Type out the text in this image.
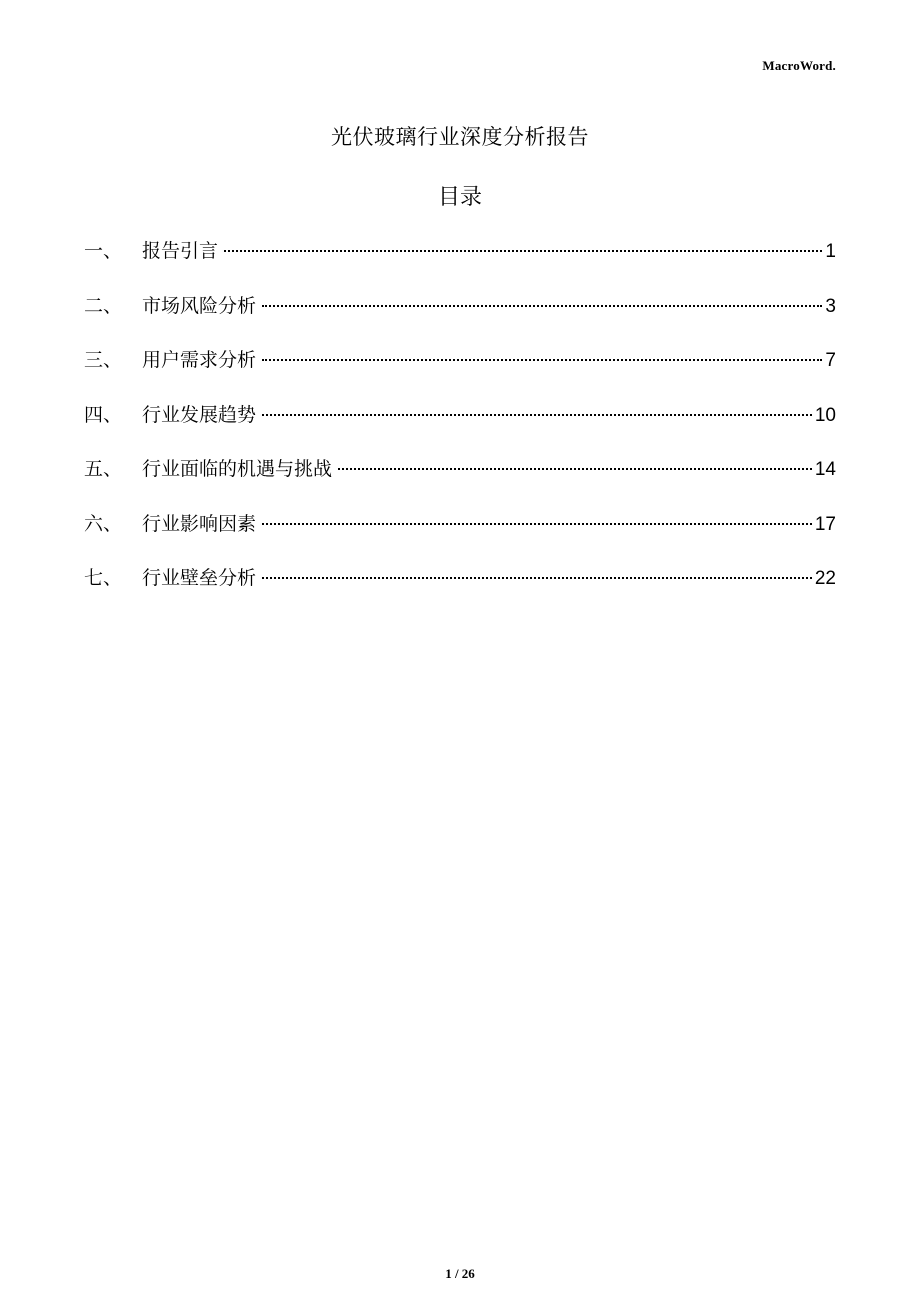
MacroWord.
光伏玻璃行业深度分析报告
目录
一、	报告引言	1
二、	市场风险分析	3
三、	用户需求分析	7
四、	行业发展趋势	10
五、	行业面临的机遇与挑战	14
六、	行业影响因素	17
七、	行业壁垒分析	22
1 / 26
